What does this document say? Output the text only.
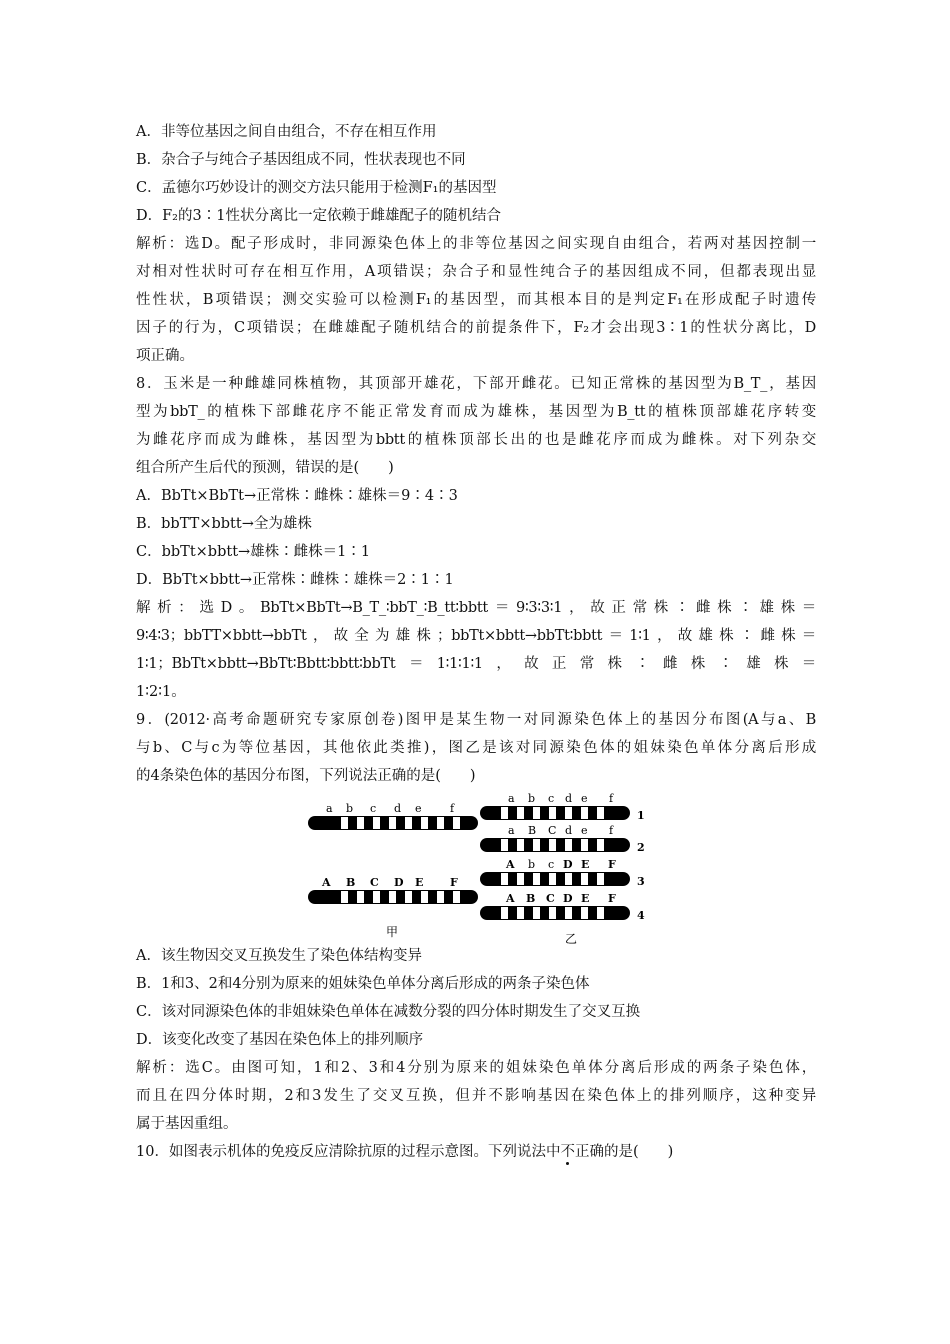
A．非等位基因之间自由组合，不存在相互作用
B．杂合子与纯合子基因组成不同，性状表现也不同
C．孟德尔巧妙设计的测交方法只能用于检测F₁的基因型
D．F₂的3∶1性状分离比一定依赖于雌雄配子的随机结合
解析：选D。配子形成时，非同源染色体上的非等位基因之间实现自由组合，若两对基因控制一
对相对性状时可存在相互作用，A项错误；杂合子和显性纯合子的基因组成不同，但都表现出显
性性状，B项错误；测交实验可以检测F₁的基因型，而其根本目的是判定F₁在形成配子时遗传
因子的行为，C项错误；在雌雄配子随机结合的前提条件下，F₂才会出现3∶1的性状分离比，D
项正确。
8．玉米是一种雌雄同株植物，其顶部开雄花，下部开雌花。已知正常株的基因型为B_T_，基因
型为bbT_的植株下部雌花序不能正常发育而成为雄株，基因型为B_tt的植株顶部雄花序转变
为雌花序而成为雌株，基因型为bbtt的植株顶部长出的也是雌花序而成为雌株。对下列杂交
组合所产生后代的预测，错误的是(　　)
A．BbTt×BbTt→正常株∶雌株∶雄株＝9∶4∶3
B．bbTT×bbtt→全为雄株
C．bbTt×bbtt→雄株∶雌株＝1∶1
D．BbTt×bbtt→正常株∶雌株∶雄株＝2∶1∶1
解析：选D。BbTt×BbTt→B_T_∶bbT_∶B_tt∶bbtt＝9∶3∶3∶1，故正常株∶雌株∶雄株＝
9∶4∶3；bbTT×bbtt→bbTt，故全为雄株；bbTt×bbtt→bbTt∶bbtt＝1∶1，故雄株∶雌株＝
1∶1；BbTt×bbtt→BbTt∶Bbtt∶bbtt∶bbTt＝1∶1∶1∶1，故正常株∶雌株∶雄株＝
1∶2∶1。
9．(2012·高考命题研究专家原创卷)图甲是某生物一对同源染色体上的基因分布图(A与a、B
与b、C与c为等位基因，其他依此类推)，图乙是该对同源染色体的姐妹染色单体分离后形成
的4条染色体的基因分布图，下列说法正确的是(　　)
a b c d e	f
A B C D E F
a b c d e f
1
a B C d e f
2
A b c D E F
3
A B C D E F
4
甲	乙
A．该生物因交叉互换发生了染色体结构变异
B．1和3、2和4分别为原来的姐妹染色单体分离后形成的两条子染色体
C．该对同源染色体的非姐妹染色单体在减数分裂的四分体时期发生了交叉互换
D．该变化改变了基因在染色体上的排列顺序
解析：选C。由图可知，1和2、3和4分别为原来的姐妹染色单体分离后形成的两条子染色体，
而且在四分体时期，2和3发生了交叉互换，但并不影响基因在染色体上的排列顺序，这种变异
属于基因重组。
10．如图表示机体的免疫反应清除抗原的过程示意图。下列说法中不正确的是(　　)
